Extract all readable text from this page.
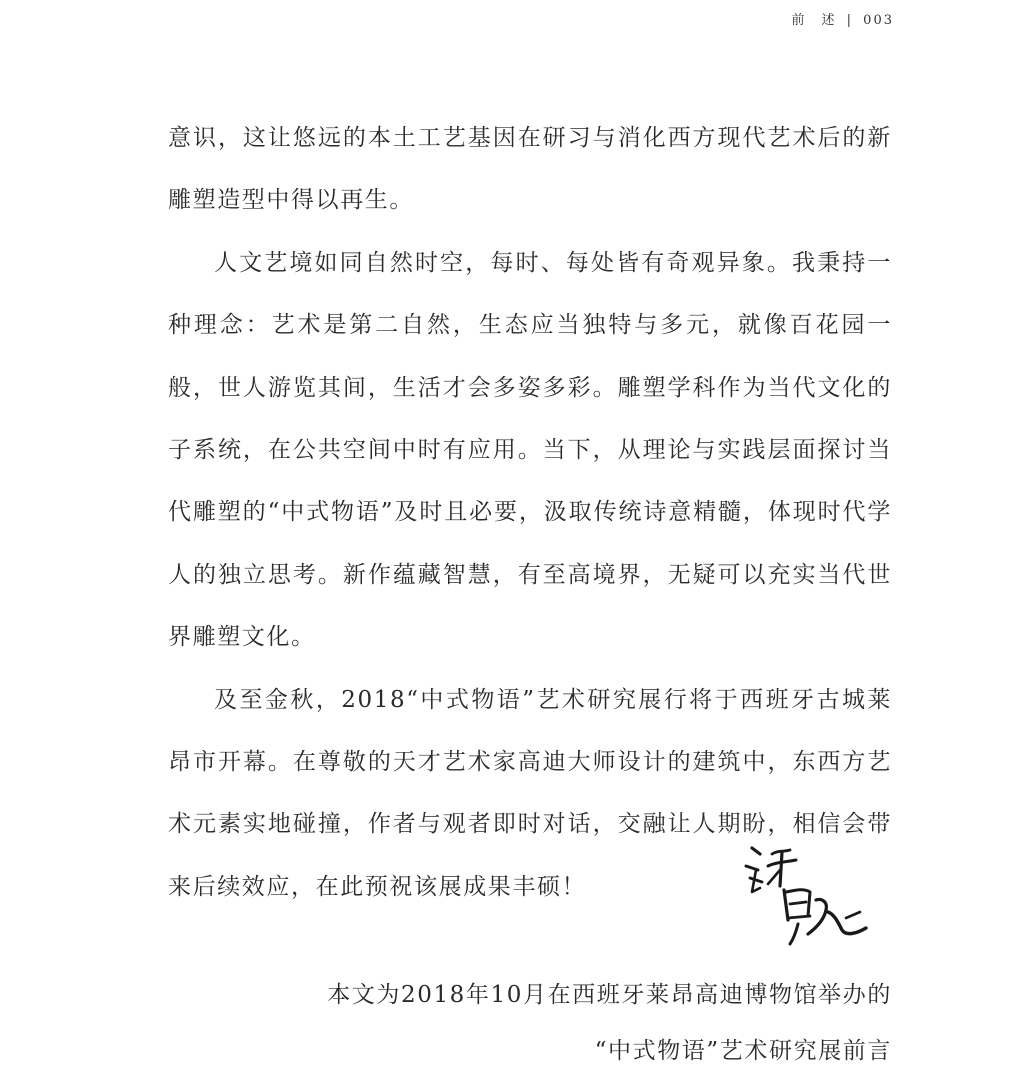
前　述 | 003

意识，这让悠远的本土工艺基因在研习与消化西方现代艺术后的新雕塑造型中得以再生。

人文艺境如同自然时空，每时、每处皆有奇观异象。我秉持一种理念：艺术是第二自然，生态应当独特与多元，就像百花园一般，世人游览其间，生活才会多姿多彩。雕塑学科作为当代文化的子系统，在公共空间中时有应用。当下，从理论与实践层面探讨当代雕塑的“中式物语”及时且必要，汲取传统诗意精髓，体现时代学人的独立思考。新作蕴藏智慧，有至高境界，无疑可以充实当代世界雕塑文化。

及至金秋，2018“中式物语”艺术研究展行将于西班牙古城莱昂市开幕。在尊敬的天才艺术家高迪大师设计的建筑中，东西方艺术元素实地碰撞，作者与观者即时对话，交融让人期盼，相信会带来后续效应，在此预祝该展成果丰硕！

本文为2018年10月在西班牙莱昂高迪博物馆举办的
“中式物语”艺术研究展前言
